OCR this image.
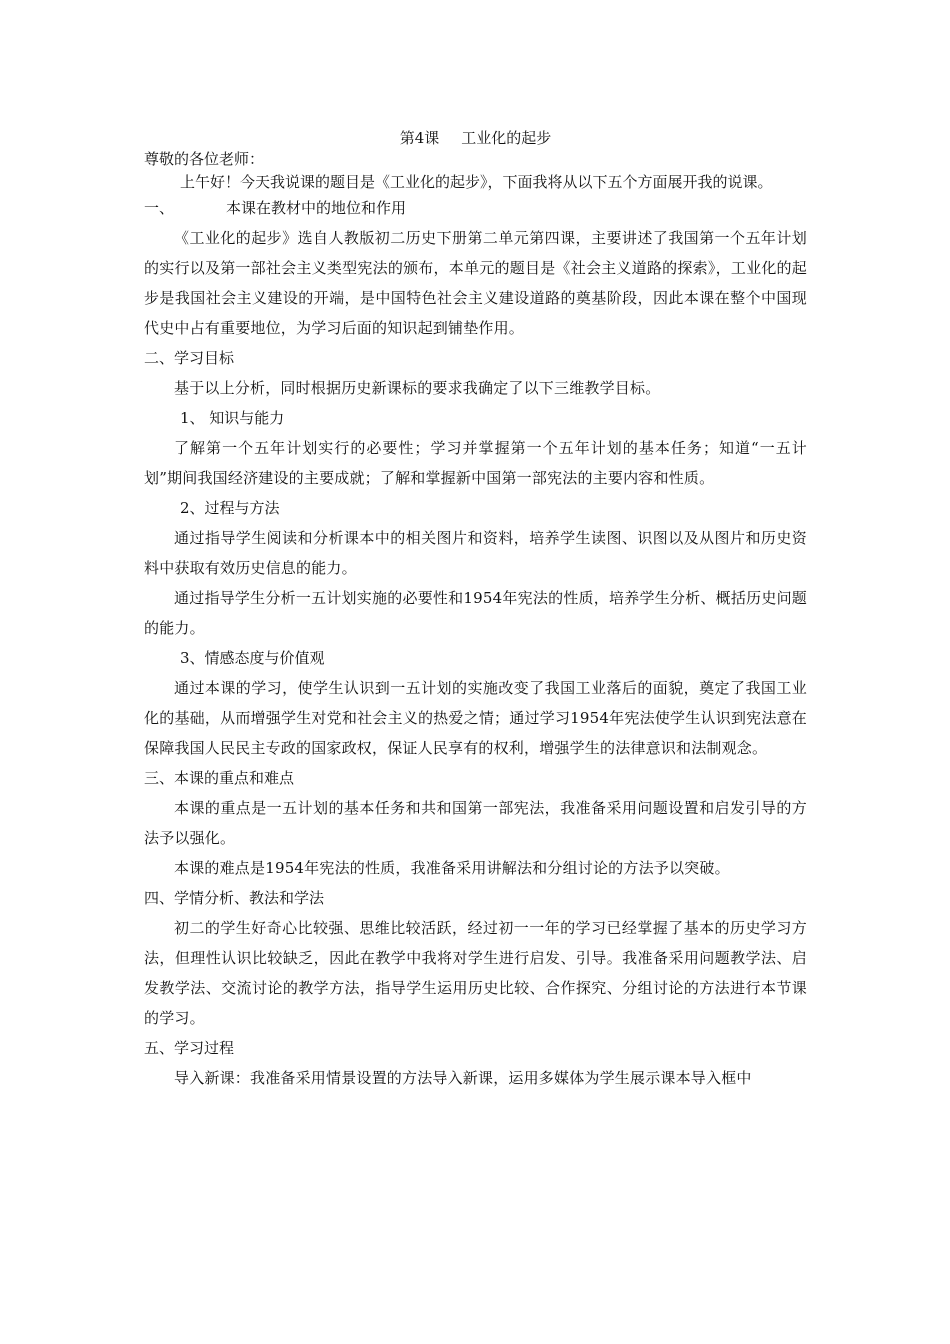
第4课 工业化的起步
尊敬的各位老师：
上午好！今天我说课的题目是《工业化的起步》，下面我将从以下五个方面展开我的说课。
一、	本课在教材中的地位和作用
《工业化的起步》选自人教版初二历史下册第二单元第四课，主要讲述了我国第一个五年计划的实行以及第一部社会主义类型宪法的颁布，本单元的题目是《社会主义道路的探索》，工业化的起步是我国社会主义建设的开端，是中国特色社会主义建设道路的奠基阶段，因此本课在整个中国现代史中占有重要地位，为学习后面的知识起到铺垫作用。
二、学习目标
基于以上分析，同时根据历史新课标的要求我确定了以下三维教学目标。
1、 知识与能力
了解第一个五年计划实行的必要性；学习并掌握第一个五年计划的基本任务；知道“一五计划”期间我国经济建设的主要成就；了解和掌握新中国第一部宪法的主要内容和性质。
2、过程与方法
通过指导学生阅读和分析课本中的相关图片和资料，培养学生读图、识图以及从图片和历史资料中获取有效历史信息的能力。
通过指导学生分析一五计划实施的必要性和1954年宪法的性质，培养学生分析、概括历史问题的能力。
3、情感态度与价值观
通过本课的学习，使学生认识到一五计划的实施改变了我国工业落后的面貌，奠定了我国工业化的基础，从而增强学生对党和社会主义的热爱之情；通过学习1954年宪法使学生认识到宪法意在保障我国人民民主专政的国家政权，保证人民享有的权利，增强学生的法律意识和法制观念。
三、本课的重点和难点
本课的重点是一五计划的基本任务和共和国第一部宪法，我准备采用问题设置和启发引导的方法予以强化。
本课的难点是1954年宪法的性质，我准备采用讲解法和分组讨论的方法予以突破。
四、学情分析、教法和学法
初二的学生好奇心比较强、思维比较活跃，经过初一一年的学习已经掌握了基本的历史学习方法，但理性认识比较缺乏，因此在教学中我将对学生进行启发、引导。我准备采用问题教学法、启发教学法、交流讨论的教学方法，指导学生运用历史比较、合作探究、分组讨论的方法进行本节课的学习。
五、学习过程
导入新课：我准备采用情景设置的方法导入新课，运用多媒体为学生展示课本导入框中
